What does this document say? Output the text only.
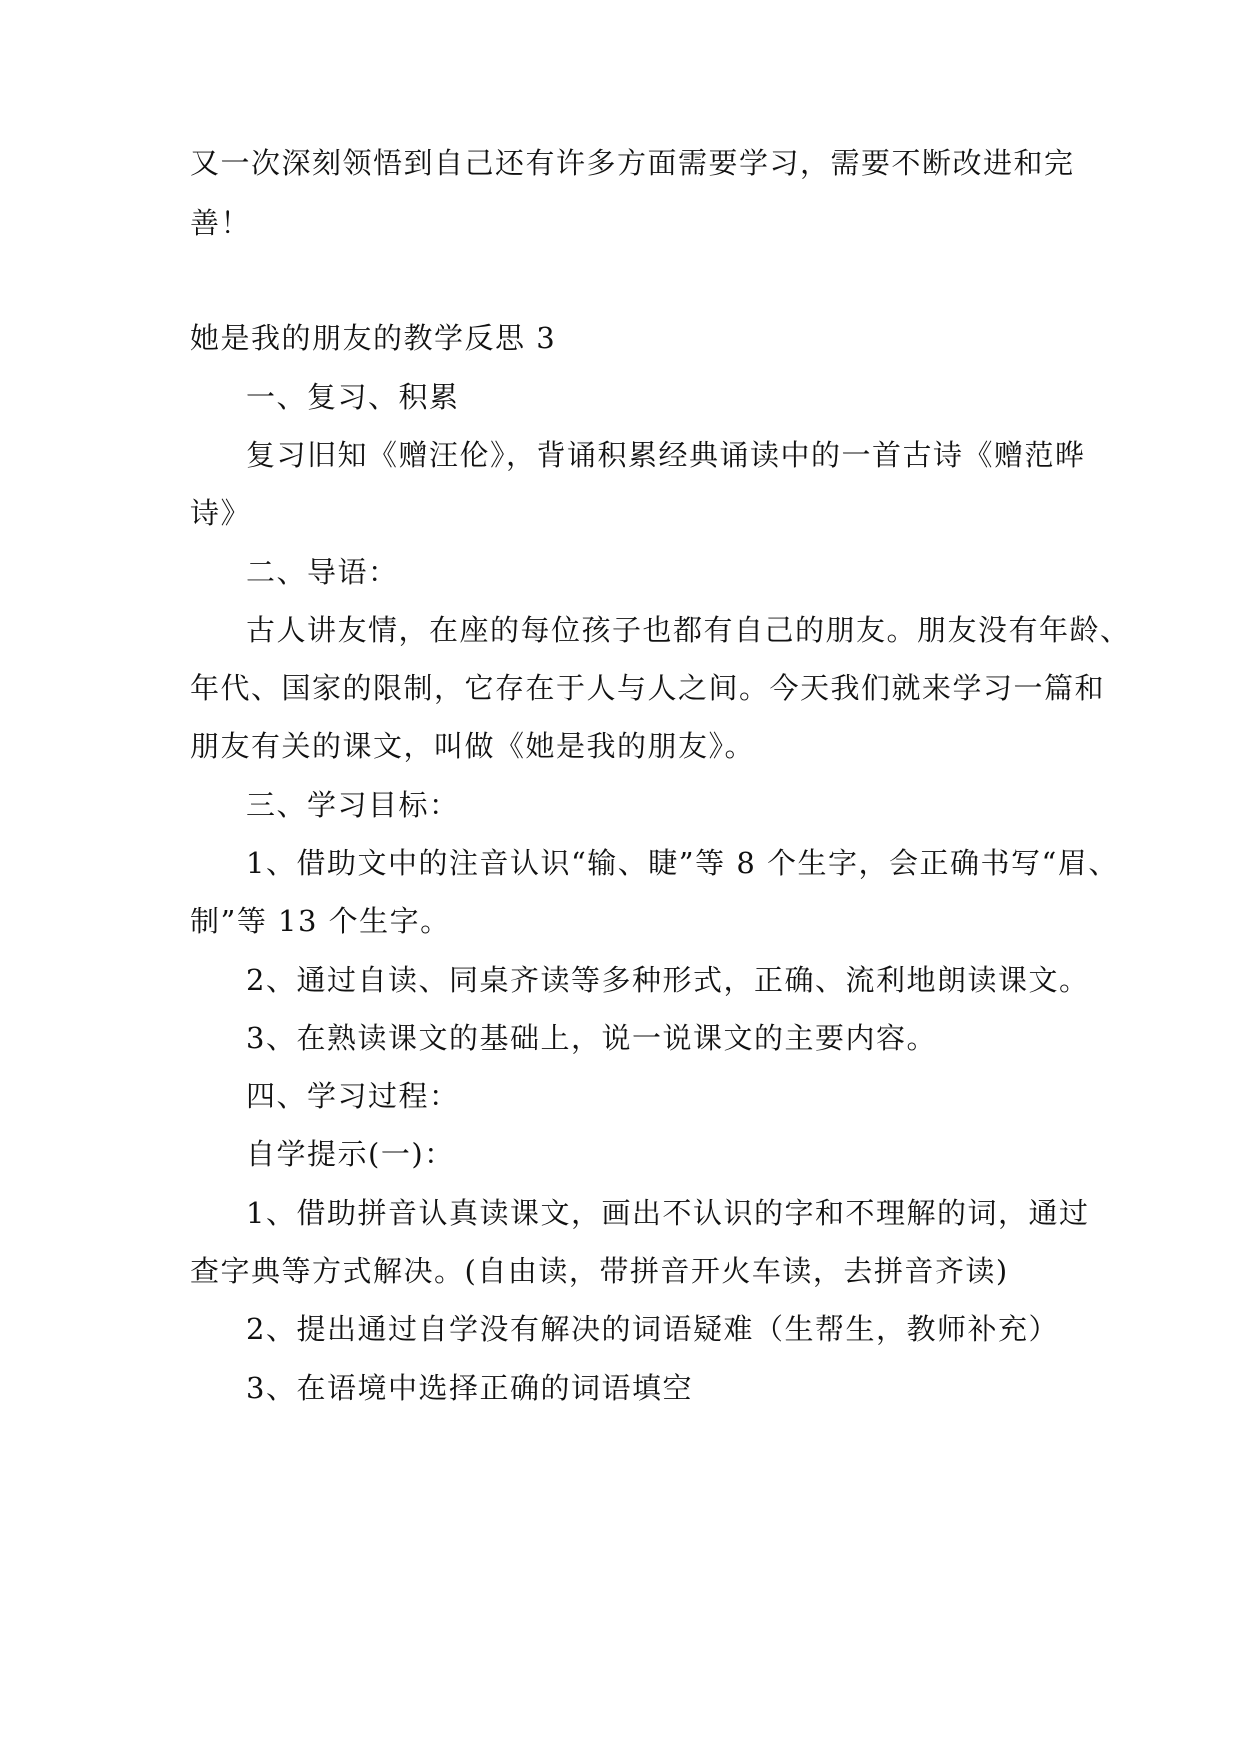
又一次深刻领悟到自己还有许多方面需要学习，需要不断改进和完
善！
她是我的朋友的教学反思 3
一、复习、积累
复习旧知《赠汪伦》，背诵积累经典诵读中的一首古诗《赠范晔
诗》
二、导语：
古人讲友情，在座的每位孩子也都有自己的朋友。朋友没有年龄、
年代、国家的限制，它存在于人与人之间。今天我们就来学习一篇和
朋友有关的课文，叫做《她是我的朋友》。
三、学习目标：
1、借助文中的注音认识“输、睫”等 8 个生字，会正确书写“眉、
制”等 13 个生字。
2、通过自读、同桌齐读等多种形式，正确、流利地朗读课文。
3、在熟读课文的基础上，说一说课文的主要内容。
四、学习过程：
自学提示(一)：
1、借助拼音认真读课文，画出不认识的字和不理解的词，通过
查字典等方式解决。(自由读，带拼音开火车读，去拼音齐读)
2、提出通过自学没有解决的词语疑难（生帮生，教师补充）
3、在语境中选择正确的词语填空
